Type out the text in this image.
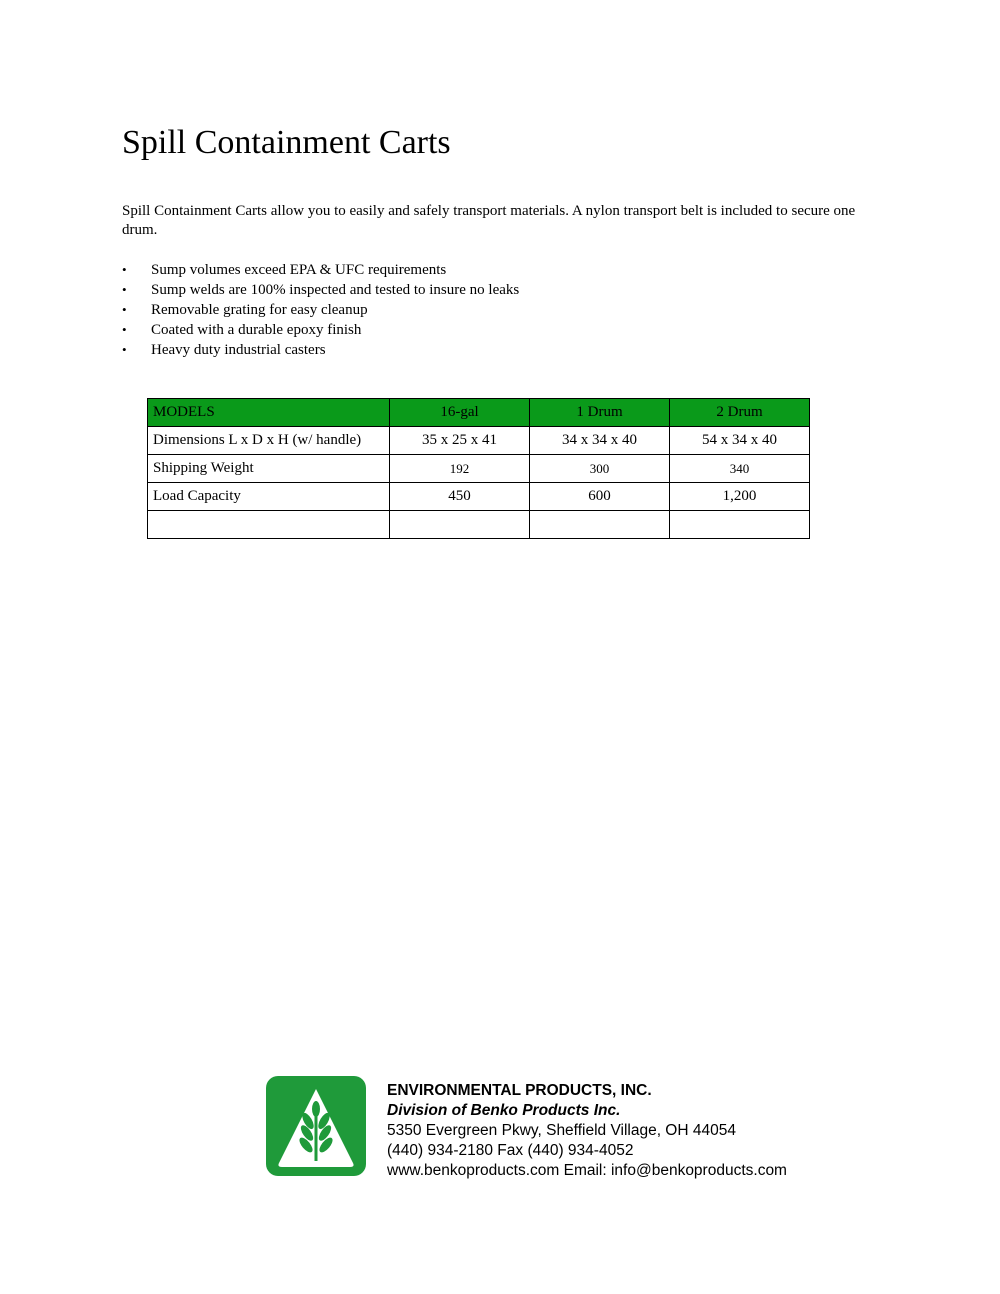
Spill Containment Carts

Spill Containment Carts allow you to easily and safely transport materials. A nylon transport belt is included to secure one drum.

• Sump volumes exceed EPA & UFC requirements
• Sump welds are 100% inspected and tested to insure no leaks
• Removable grating for easy cleanup
• Coated with a durable epoxy finish
• Heavy duty industrial casters
MODELS	16-gal	1 Drum	2 Drum
Dimensions L x D x H (w/ handle)	35 x 25 x 41	34 x 34 x 40	54 x 34 x 40
Shipping Weight	192	300	340
Load Capacity	450	600	1,200

ENVIRONMENTAL PRODUCTS, INC.
Division of Benko Products Inc.
5350 Evergreen Pkwy, Sheffield Village, OH 44054
(440) 934-2180 Fax (440) 934-4052
www.benkoproducts.com Email: info@benkoproducts.com
